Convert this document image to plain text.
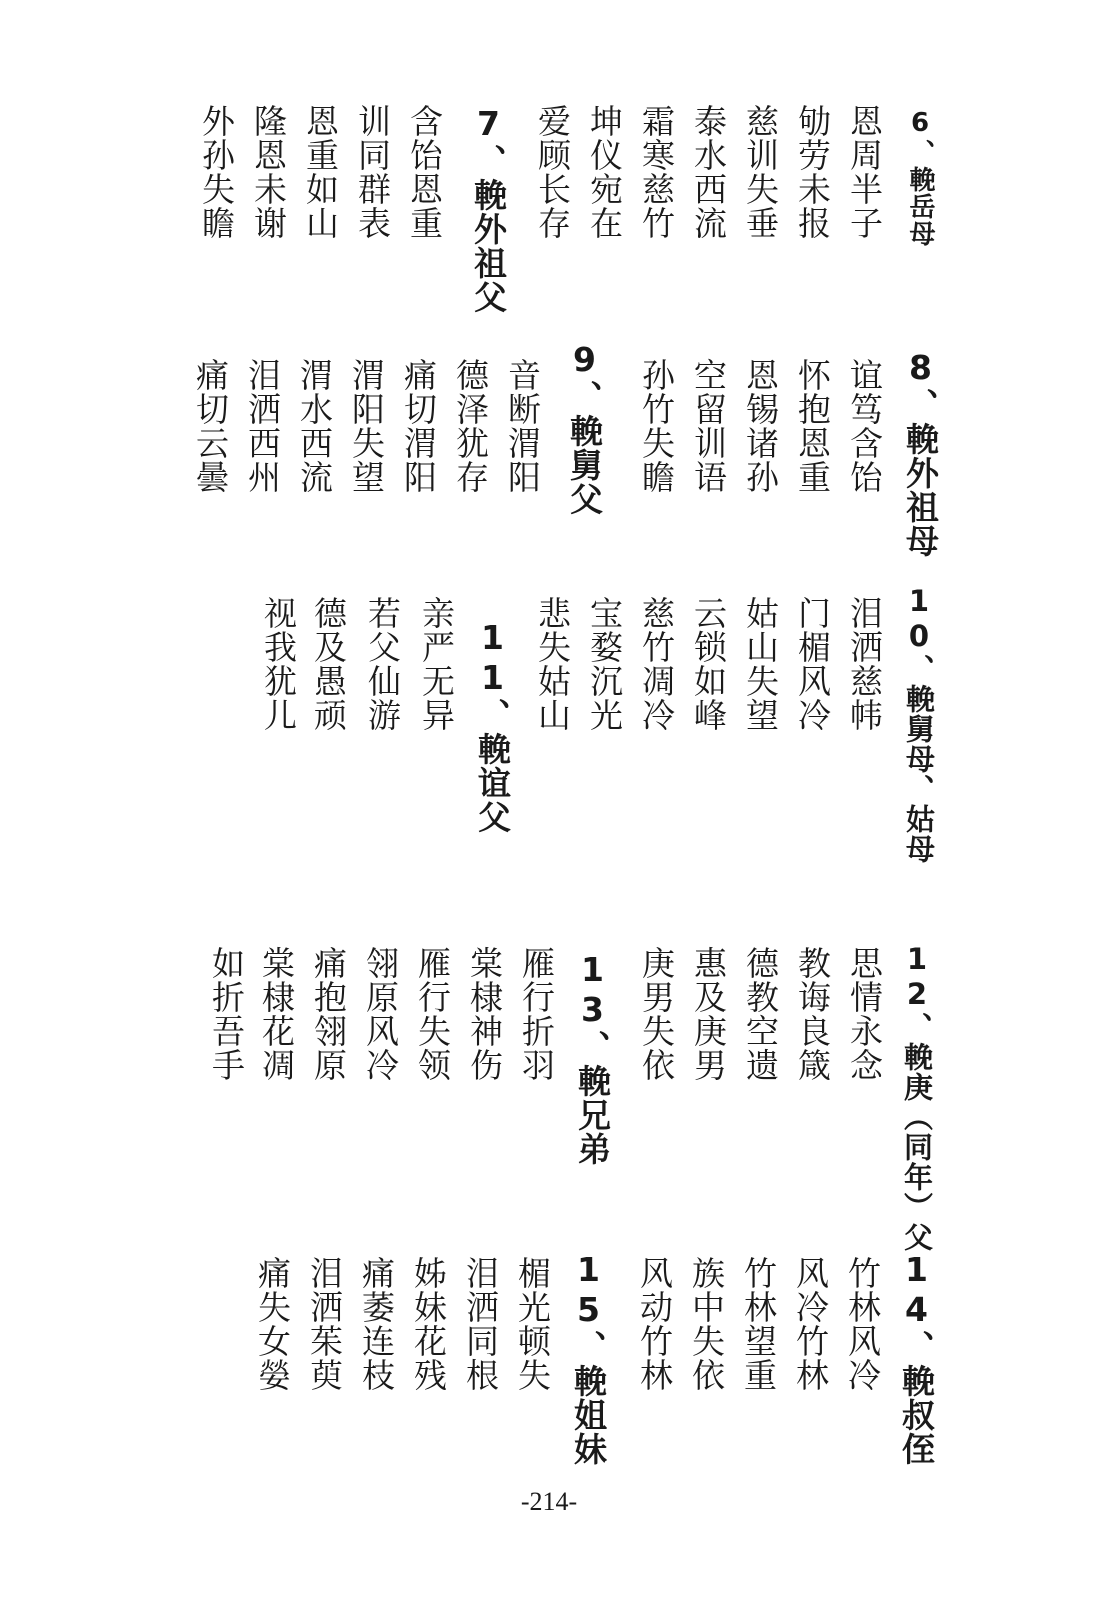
6、輓岳母
恩周半子
劬劳未报
慈训失垂
泰水西流
霜寒慈竹
坤仪宛在
爱顾长存
7、輓外祖父
含饴恩重
训同群表
恩重如山
隆恩未谢
外孙失瞻
8、輓外祖母
谊笃含饴
怀抱恩重
恩锡诸孙
空留训语
孙竹失瞻
9、輓舅父
音断渭阳
德泽犹存
痛切渭阳
渭阳失望
渭水西流
泪洒西州
痛切云曇
10、輓舅母、姑母
泪洒慈帏
门楣风冷
姑山失望
云锁如峰
慈竹凋冷
宝婺沉光
悲失姑山
11、輓谊父
亲严无异
若父仙游
德及愚顽
视我犹儿
12、輓庚（同年）父
思情永念
教诲良箴
德教空遗
惠及庚男
庚男失依
13、輓兄弟
雁行折羽
棠棣神伤
雁行失领
翎原风冷
痛抱翎原
棠棣花凋
如折吾手
14、輓叔侄
竹林风冷
风冷竹林
竹林望重
族中失依
风动竹林
15、輓姐妹
楣光顿失
泪洒同根
姊妹花残
痛萎连枝
泪洒茱萸
痛失女嫈
-214-
